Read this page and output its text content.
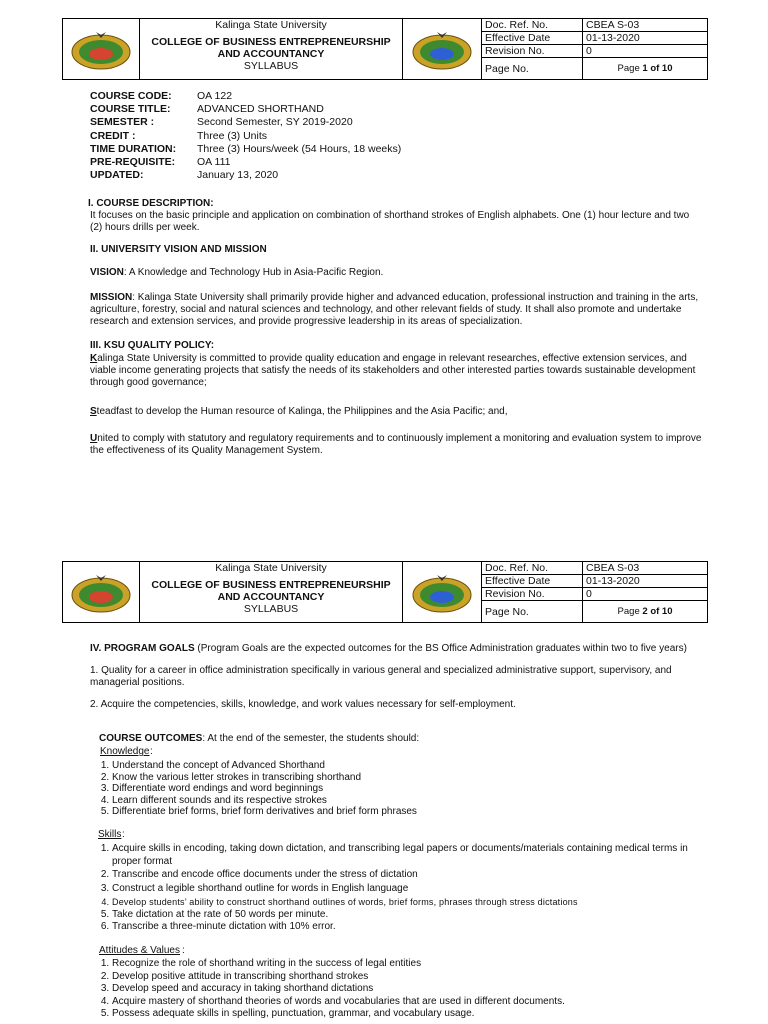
Kalinga State University
COLLEGE OF BUSINESS ENTREPRENEURSHIP AND ACCOUNTANCY
SYLLABUS
Doc. Ref. No.	CBEA S-03
Effective Date	01-13-2020
Revision No.	0
Page No.	Page 1 of 10
COURSE CODE:	OA 122
COURSE TITLE:	ADVANCED SHORTHAND
SEMESTER :	Second Semester, SY 2019-2020
CREDIT :	Three (3) Units
TIME DURATION:	Three (3) Hours/week (54 Hours, 18 weeks)
PRE-REQUISITE:	OA 111
UPDATED:	January 13, 2020
I. COURSE DESCRIPTION:
It focuses on the basic principle and application on combination of shorthand strokes of English alphabets. One (1) hour lecture and two (2) hours drills per week.
II. UNIVERSITY VISION AND MISSION
VISION: A Knowledge and Technology Hub in Asia-Pacific Region.
MISSION: Kalinga State University shall primarily provide higher and advanced education, professional instruction and training in the arts, agriculture, forestry, social and natural sciences and technology, and other relevant fields of study. It shall also promote and undertake research and extension services, and provide progressive leadership in its areas of specialization.
III. KSU QUALITY POLICY:
Kalinga State University is committed to provide quality education and engage in relevant researches, effective extension services, and viable income generating projects that satisfy the needs of its stakeholders and other interested parties towards sustainable development through good governance;
Steadfast to develop the Human resource of Kalinga, the Philippines and the Asia Pacific; and,
United to comply with statutory and regulatory requirements and to continuously implement a monitoring and evaluation system to improve the effectiveness of its Quality Management System.
Kalinga State University
COLLEGE OF BUSINESS ENTREPRENEURSHIP AND ACCOUNTANCY
SYLLABUS
Doc. Ref. No.	CBEA S-03
Effective Date	01-13-2020
Revision No.	0
Page No.	Page 2 of 10
IV. PROGRAM GOALS (Program Goals are the expected outcomes for the BS Office Administration graduates within two to five years)
1. Quality for a career in office administration specifically in various general and specialized administrative support, supervisory, and managerial positions.
2. Acquire the competencies, skills, knowledge, and work values necessary for self-employment.
COURSE OUTCOMES: At the end of the semester, the students should:
Knowledge :
1. Understand the concept of Advanced Shorthand
2. Know the various letter strokes in transcribing shorthand
3. Differentiate word endings and word beginnings
4. Learn different sounds and its respective strokes
5. Differentiate brief forms, brief form derivatives and brief form phrases
Skills :
1. Acquire skills in encoding, taking down dictation, and transcribing legal papers or documents/materials containing medical terms in proper format
2. Transcribe and encode office documents under the stress of dictation
3. Construct a legible shorthand outline for words in English language
4. Develop students’ ability to construct shorthand outlines of words, brief forms, phrases through stress dictations
5. Take dictation at the rate of 50 words per minute.
6. Transcribe a three-minute dictation with 10% error.
Attitudes & Values :
1. Recognize the role of shorthand writing in the success of legal entities
2. Develop positive attitude in transcribing shorthand strokes
3. Develop speed and accuracy in taking shorthand dictations
4. Acquire mastery of shorthand theories of words and vocabularies that are used in different documents.
5. Possess adequate skills in spelling, punctuation, grammar, and vocabulary usage.
